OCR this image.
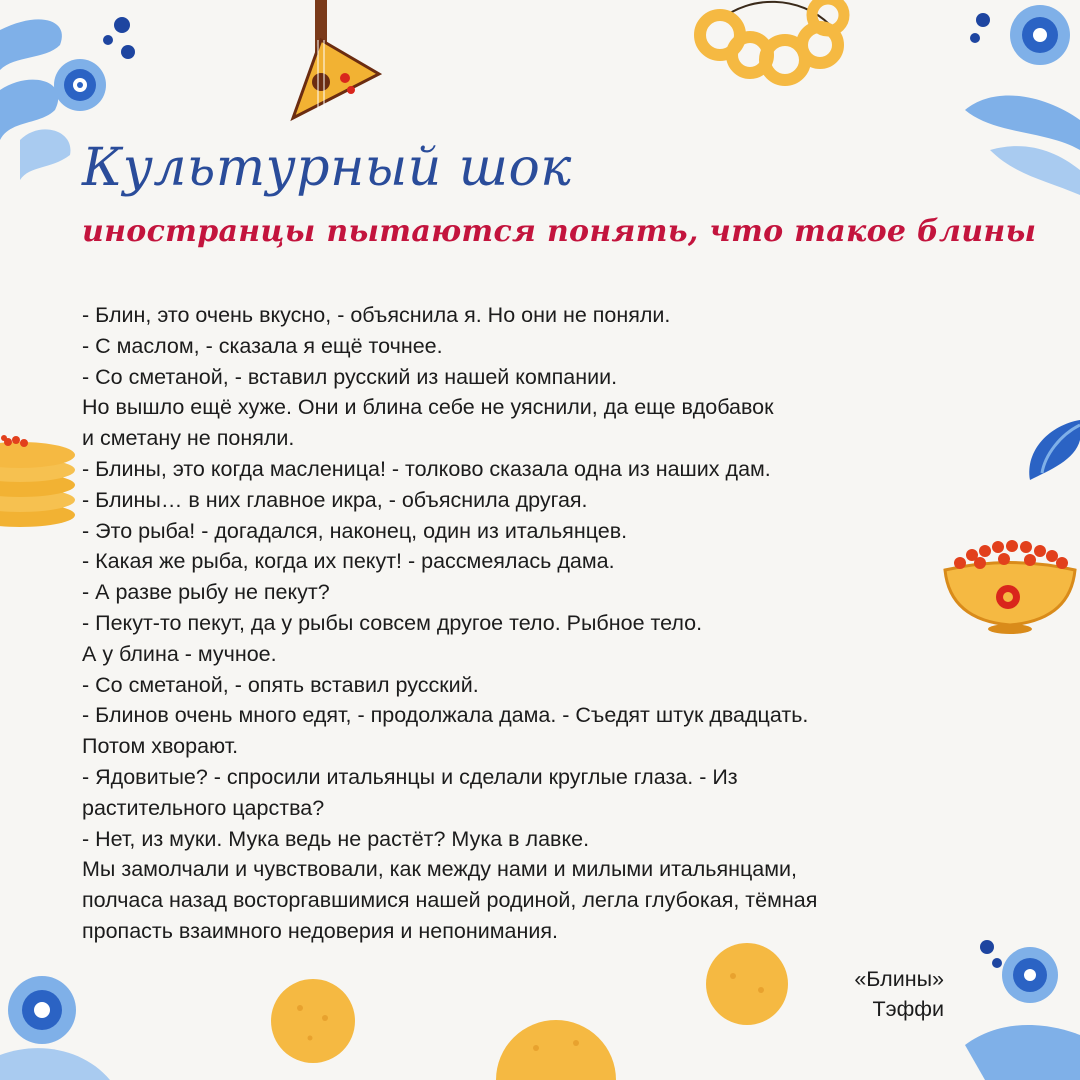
Культурный шок
иностранцы пытаются понять, что такое блины

- Блин, это очень вкусно, - объяснила я. Но они не поняли.

- С маслом, - сказала я ещё точнее.

- Со сметаной, - вставил русский из нашей компании.

Но вышло ещё хуже. Они и блина себе не уяснили, да еще вдобавок

и сметану не поняли.

- Блины, это когда масленица! - толково сказала одна из наших дам.

- Блины… в них главное икра, - объяснила другая.

- Это рыба! - догадался, наконец, один из итальянцев.

- Какая же рыба, когда их пекут! - рассмеялась дама.

- А разве рыбу не пекут?

- Пекут-то пекут, да у рыбы совсем другое тело. Рыбное тело.

А у блина - мучное.

- Со сметаной, - опять вставил русский.

- Блинов очень много едят, - продолжала дама. - Съедят штук двадцать.

Потом хворают.

- Ядовитые? - спросили итальянцы и сделали круглые глаза. - Из

растительного царства?

- Нет, из муки. Мука ведь не растёт? Мука в лавке.

Мы замолчали и чувствовали, как между нами и милыми итальянцами,

полчаса назад восторгавшимися нашей родиной, легла глубокая, тёмная

пропасть взаимного недоверия и непонимания.

«Блины»
Тэффи
